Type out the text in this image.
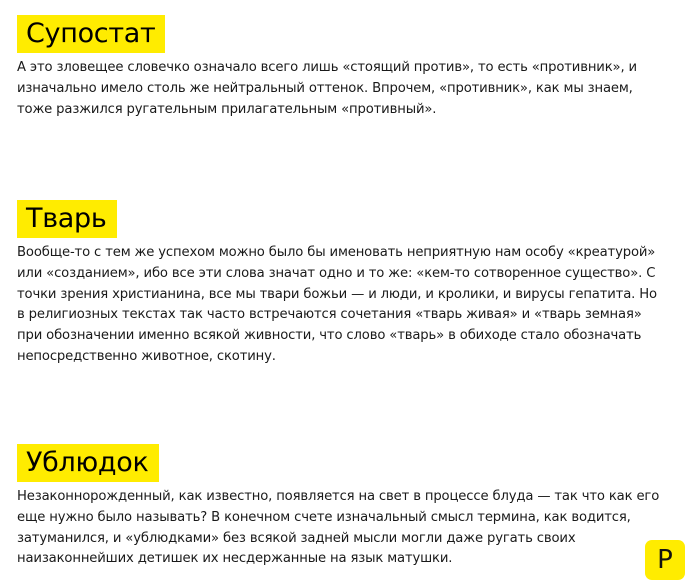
Супостат
А это зловещее словечко означало всего лишь «стоящий против», то есть «противник», и
изначально имело столь же нейтральный оттенок. Впрочем, «противник», как мы знаем,
тоже разжился ругательным прилагательным «противный».
Тварь
Вообще-то с тем же успехом можно было бы именовать неприятную нам особу «креатурой»
или «созданием», ибо все эти слова значат одно и то же: «кем-то сотворенное существо». С
точки зрения христианина, все мы твари божьи — и люди, и кролики, и вирусы гепатита. Но
в религиозных текстах так часто встречаются сочетания «тварь живая» и «тварь земная»
при обозначении именно всякой живности, что слово «тварь» в обиходе стало обозначать
непосредственно животное, скотину.
Ублюдок
Незаконнорожденный, как известно, появляется на свет в процессе блуда — так что как его
еще нужно было называть? В конечном счете изначальный смысл термина, как водится,
затуманился, и «ублюдками» без всякой задней мысли могли даже ругать своих
наизаконнейших детишек их несдержанные на язык матушки.	Р
